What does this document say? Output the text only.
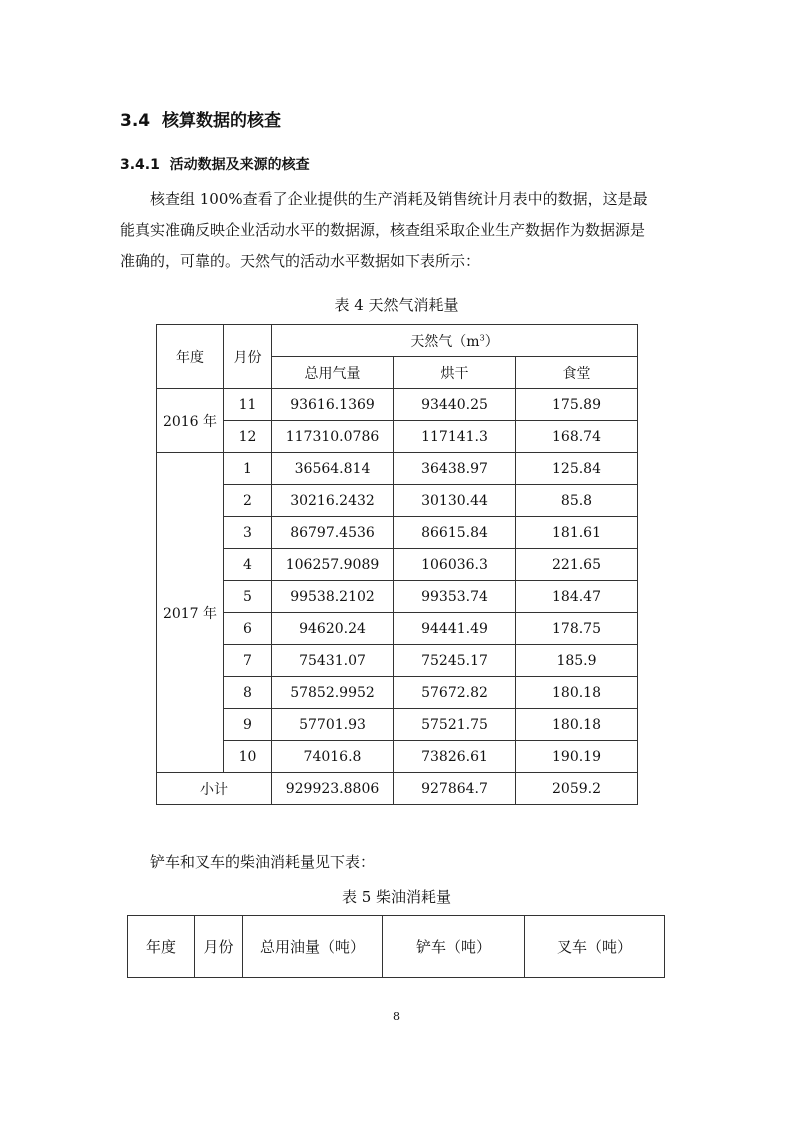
3.4 核算数据的核查
3.4.1 活动数据及来源的核查
核查组 100%查看了企业提供的生产消耗及销售统计月表中的数据，这是最
能真实准确反映企业活动水平的数据源，核查组采取企业生产数据作为数据源是
准确的，可靠的。天然气的活动水平数据如下表所示：
表 4 天然气消耗量
年度	月份	天然气$(m^3)$		
		总用气量	烘干	食堂
2016 年	11	93616.1369	93440.25	175.89
	12	117310.0786	117141.3	168.74
2017 年	1	36564.814	36438.97	125.84
	2	30216.2432	30130.44	85.8
	3	86797.4536	86615.84	181.61
	4	106257.9089	106036.3	221.65
	5	99538.2102	99353.74	184.47
	6	94620.24	94441.49	178.75
	7	75431.07	75245.17	185.9
	8	57852.9952	57672.82	180.18
	9	57701.93	57521.75	180.18
	10	74016.8	73826.61	190.19
小计		929923.8806	927864.7	2059.2
铲车和叉车的柴油消耗量见下表：
表 5 柴油消耗量
年度	月份	总用油量（吨）	铲车（吨）	叉车（吨）
8
